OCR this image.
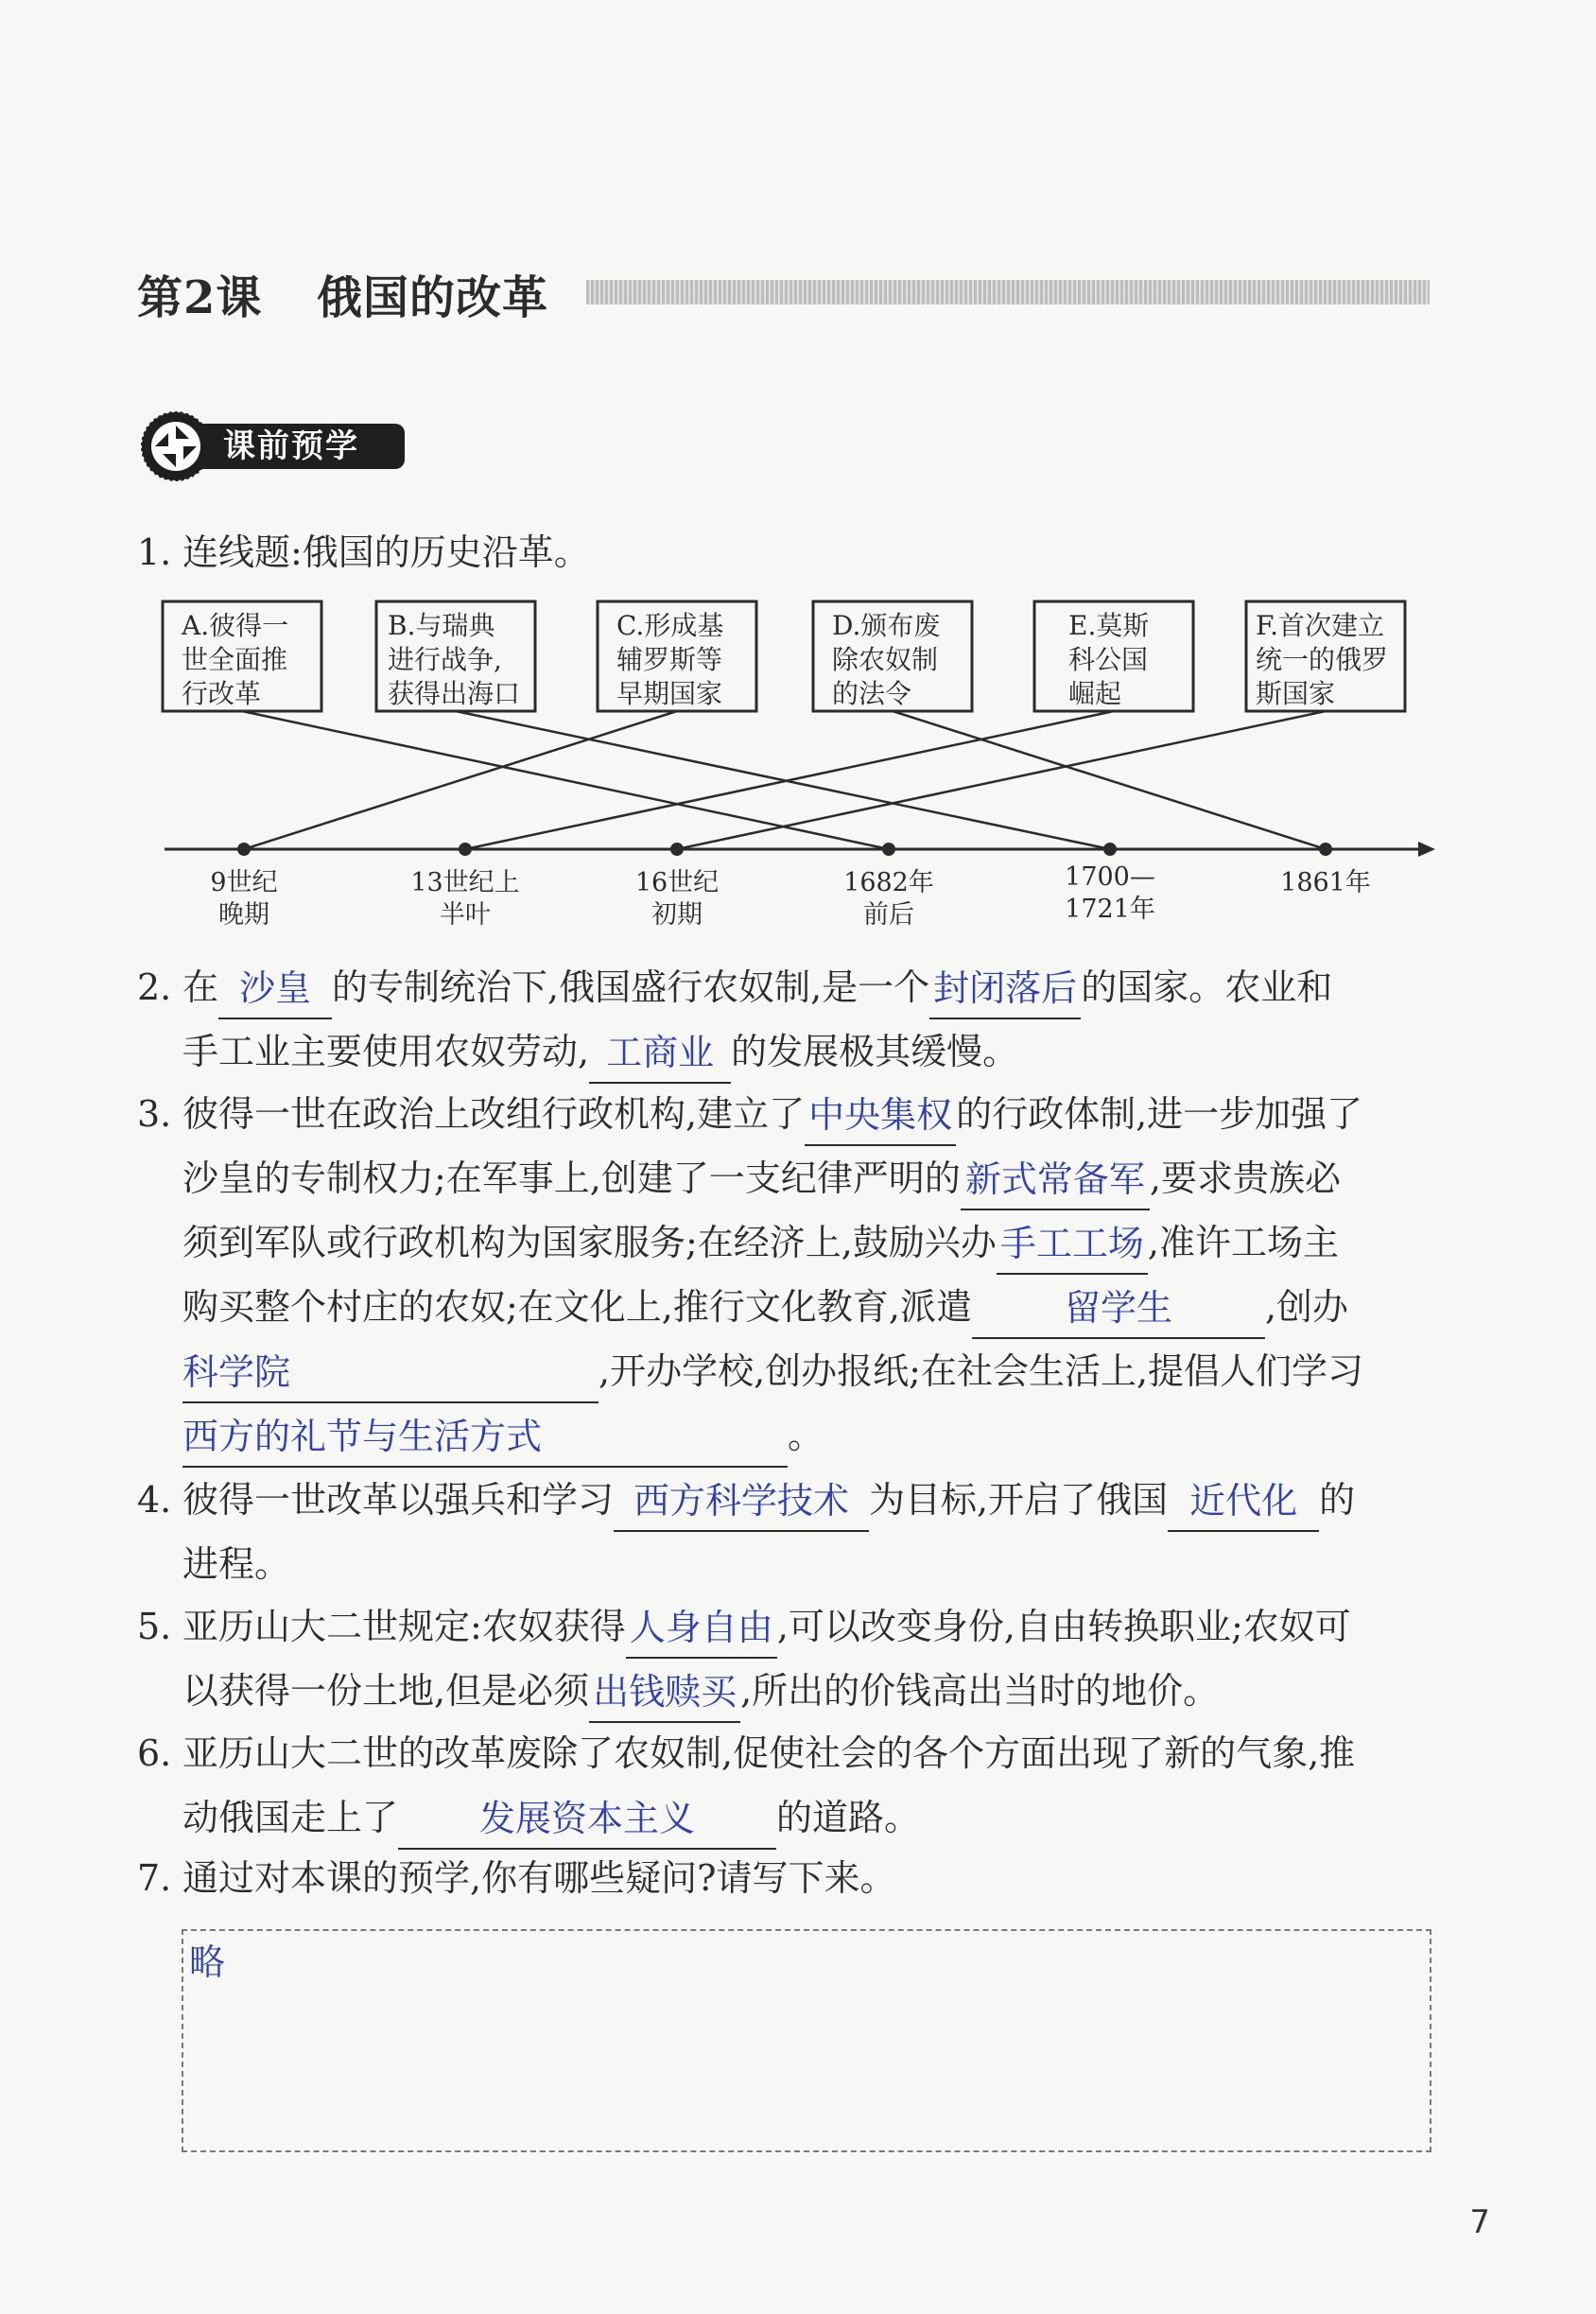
第2课 俄国的改革
课前预学
1. 连线题:俄国的历史沿革。
A.彼得一
世全面推
行改革
B.与瑞典
进行战争,
获得出海口
C.形成基
辅罗斯等
早期国家
D.颁布废
除农奴制
的法令
E.莫斯
科公国
崛起
F.首次建立
统一的俄罗
斯国家
9世纪
晚期
13世纪上
半叶
16世纪
初期
1682年
前后
1700—
1721年
1861年
2. 在 沙皇 的专制统治下,俄国盛行农奴制,是一个 封闭落后 的国家。农业和
手工业主要使用农奴劳动, 工商业 的发展极其缓慢。
3. 彼得一世在政治上改组行政机构,建立了 中央集权 的行政体制,进一步加强了
沙皇的专制权力;在军事上,创建了一支纪律严明的 新式常备军 ,要求贵族必
须到军队或行政机构为国家服务;在经济上,鼓励兴办 手工工场 ,准许工场主
购买整个村庄的农奴;在文化上,推行文化教育,派遣	留学生	,创办
科学院	,开办学校,创办报纸;在社会生活上,提倡人们学习
西方的礼节与生活方式	。
4. 彼得一世改革以强兵和学习 西方科学技术 为目标,开启了俄国 近代化 的
进程。
5. 亚历山大二世规定:农奴获得 人身自由 ,可以改变身份,自由转换职业;农奴可
以获得一份土地,但是必须 出钱赎买 ,所出的价钱高出当时的地价。
6. 亚历山大二世的改革废除了农奴制,促使社会的各个方面出现了新的气象,推
动俄国走上了 发展资本主义 的道路。
7. 通过对本课的预学,你有哪些疑问?请写下来。
略
7
